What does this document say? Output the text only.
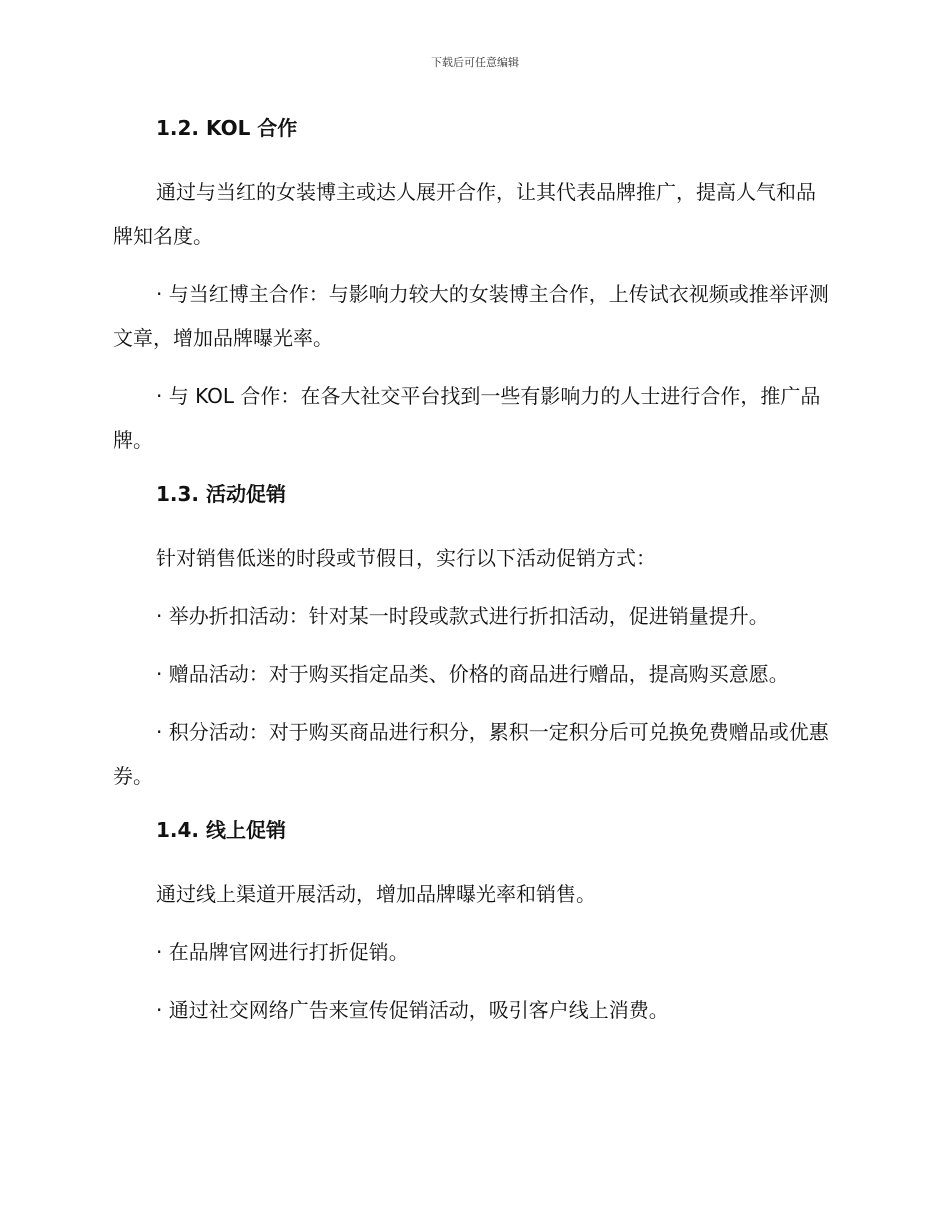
下载后可任意编辑
1.2. KOL 合作

通过与当红的女装博主或达人展开合作，让其代表品牌推广，提高人气和品牌知名度。

· 与当红博主合作：与影响力较大的女装博主合作，上传试衣视频或推举评测文章，增加品牌曝光率。

· 与 KOL 合作：在各大社交平台找到一些有影响力的人士进行合作，推广品牌。

1.3. 活动促销

针对销售低迷的时段或节假日，实行以下活动促销方式：

· 举办折扣活动：针对某一时段或款式进行折扣活动，促进销量提升。

· 赠品活动：对于购买指定品类、价格的商品进行赠品，提高购买意愿。

· 积分活动：对于购买商品进行积分，累积一定积分后可兑换免费赠品或优惠券。

1.4. 线上促销

通过线上渠道开展活动，增加品牌曝光率和销售。

· 在品牌官网进行打折促销。

· 通过社交网络广告来宣传促销活动，吸引客户线上消费。
